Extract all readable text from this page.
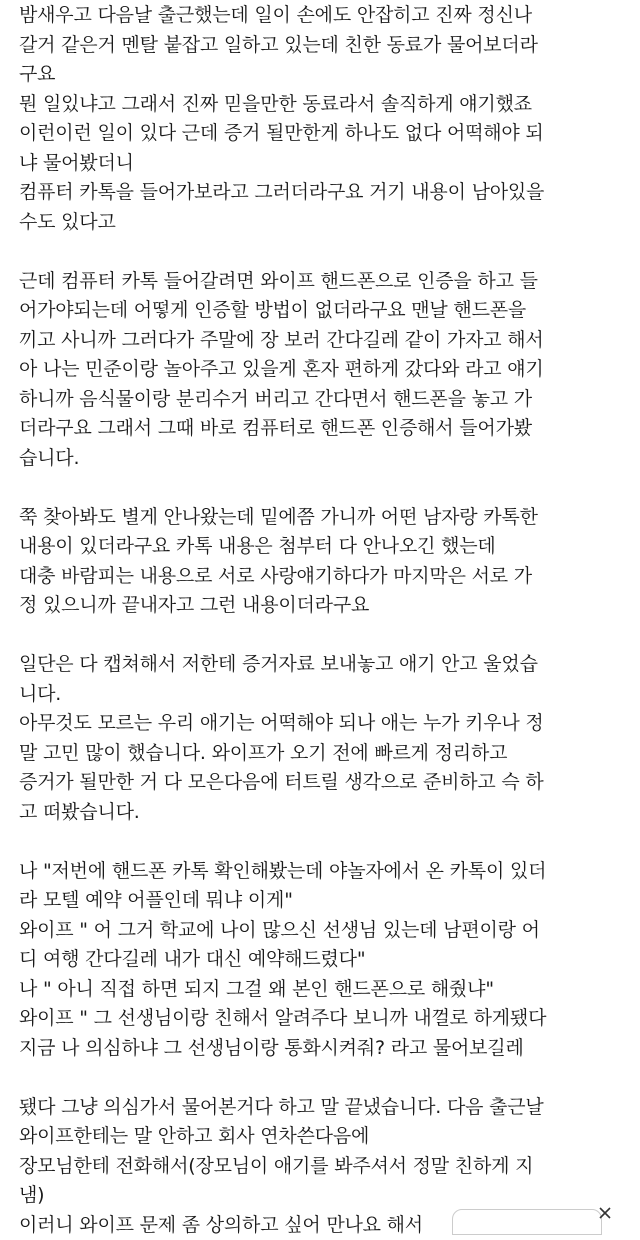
밤새우고 다음날 출근했는데 일이 손에도 안잡히고 진짜 정신나
갈거 같은거 멘탈 붙잡고 일하고 있는데 친한 동료가 물어보더라
구요
뭔 일있냐고 그래서 진짜 믿을만한 동료라서 솔직하게 얘기했죠
이런이런 일이 있다 근데 증거 될만한게 하나도 없다 어떡해야 되
냐 물어봤더니
컴퓨터 카톡을 들어가보라고 그러더라구요 거기 내용이 남아있을
수도 있다고
근데 컴퓨터 카톡 들어갈려면 와이프 핸드폰으로 인증을 하고 들
어가야되는데 어떻게 인증할 방법이 없더라구요 맨날 핸드폰을
끼고 사니까 그러다가 주말에 장 보러 간다길레 같이 가자고 해서
아 나는 민준이랑 놀아주고 있을게 혼자 편하게 갔다와 라고 얘기
하니까 음식물이랑 분리수거 버리고 간다면서 핸드폰을 놓고 가
더라구요 그래서 그때 바로 컴퓨터로 핸드폰 인증해서 들어가봤
습니다.
쭉 찾아봐도 별게 안나왔는데 밑에쯤 가니까 어떤 남자랑 카톡한
내용이 있더라구요 카톡 내용은 첨부터 다 안나오긴 했는데
대충 바람피는 내용으로 서로 사랑얘기하다가 마지막은 서로 가
정 있으니까 끝내자고 그런 내용이더라구요
일단은 다 캡쳐해서 저한테 증거자료 보내놓고 애기 안고 울었습
니다.
아무것도 모르는 우리 애기는 어떡해야 되나 애는 누가 키우나 정
말 고민 많이 했습니다. 와이프가 오기 전에 빠르게 정리하고
증거가 될만한 거 다 모은다음에 터트릴 생각으로 준비하고 슥 하
고 떠봤습니다.
나 "저번에 핸드폰 카톡 확인해봤는데 야놀자에서 온 카톡이 있더
라 모텔 예약 어플인데 뭐냐 이게"
와이프 " 어 그거 학교에 나이 많으신 선생님 있는데 남편이랑 어
디 여행 간다길레 내가 대신 예약해드렸다"
나 " 아니 직접 하면 되지 그걸 왜 본인 핸드폰으로 해줬냐"
와이프 " 그 선생님이랑 친해서 알려주다 보니까 내껄로 하게됐다
지금 나 의심하냐 그 선생님이랑 통화시켜줘? 라고 물어보길레
됐다 그냥 의심가서 물어본거다 하고 말 끝냈습니다. 다음 출근날
와이프한테는 말 안하고 회사 연차쓴다음에
장모님한테 전화해서(장모님이 애기를 봐주셔서 정말 친하게 지
냄)
이러니 와이프 문제 좀 상의하고 싶어 만나요 해서
